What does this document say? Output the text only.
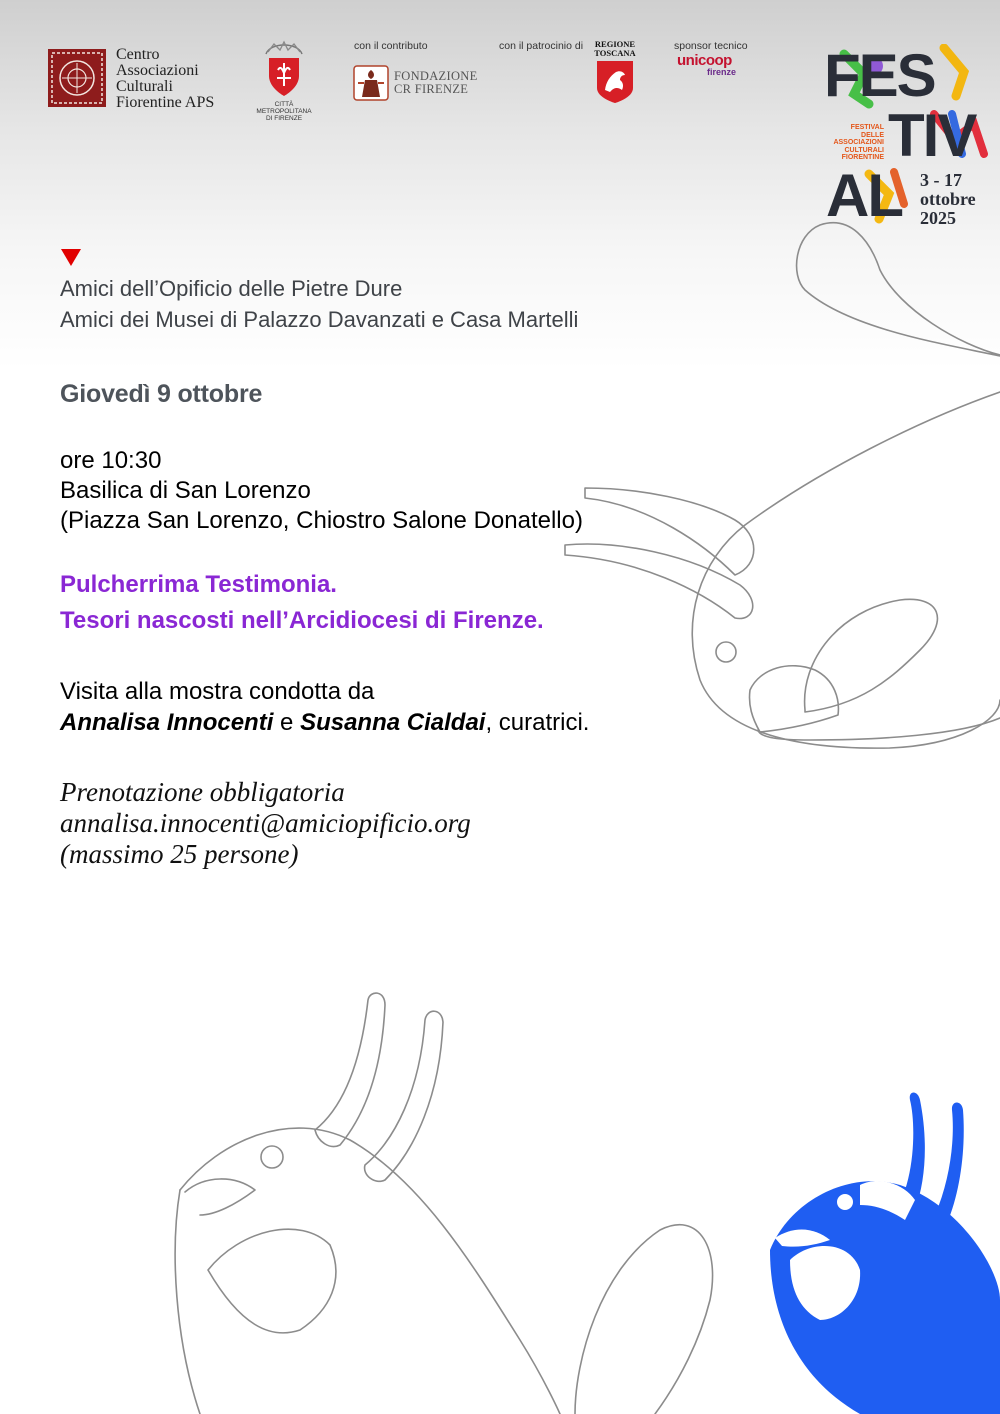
Centro
Associazioni
Culturali
Fiorentine APS	CITTÀ METROPOLITANA
DI FIRENZE
con il contributo
FONDAZIONE
CR FIRENZE
con il patrocinio di	REGIONE
TOSCANA
sponsor tecnico
unicoop
firenze FES
TIV
AL
FESTIVAL
DELLE
ASSOCIAZIONI
CULTURALI
FIORENTINE
3 - 17
ottobre
2025
Amici dell’Opificio delle Pietre Dure
Amici dei Musei di Palazzo Davanzati e Casa Martelli
Giovedì 9 ottobre
ore 10:30
Basilica di San Lorenzo
(Piazza San Lorenzo, Chiostro Salone Donatello)
Pulcherrima Testimonia.
Tesori nascosti nell’Arcidiocesi di Firenze.
Visita alla mostra condotta da
Annalisa Innocenti e Susanna Cialdai, curatrici.
Prenotazione obbligatoria
annalisa.innocenti@amiciopificio.org
(massimo 25 persone)
